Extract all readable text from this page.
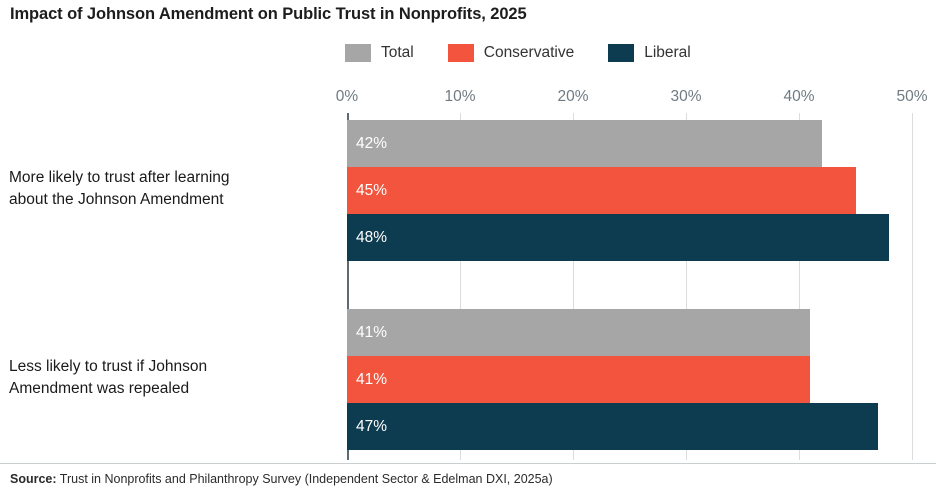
Impact of Johnson Amendment on Public Trust in Nonprofits, 2025
Total	Conservative	Liberal
0%	10%	20%	30%	40%	50%
42%
45%
48%
41%
41%
47%
Source: Trust in Nonprofits and Philanthropy Survey (Independent Sector & Edelman DXI, 2025a)
More likely to trust after learning
about the Johnson Amendment
Less likely to trust if Johnson
Amendment was repealed
